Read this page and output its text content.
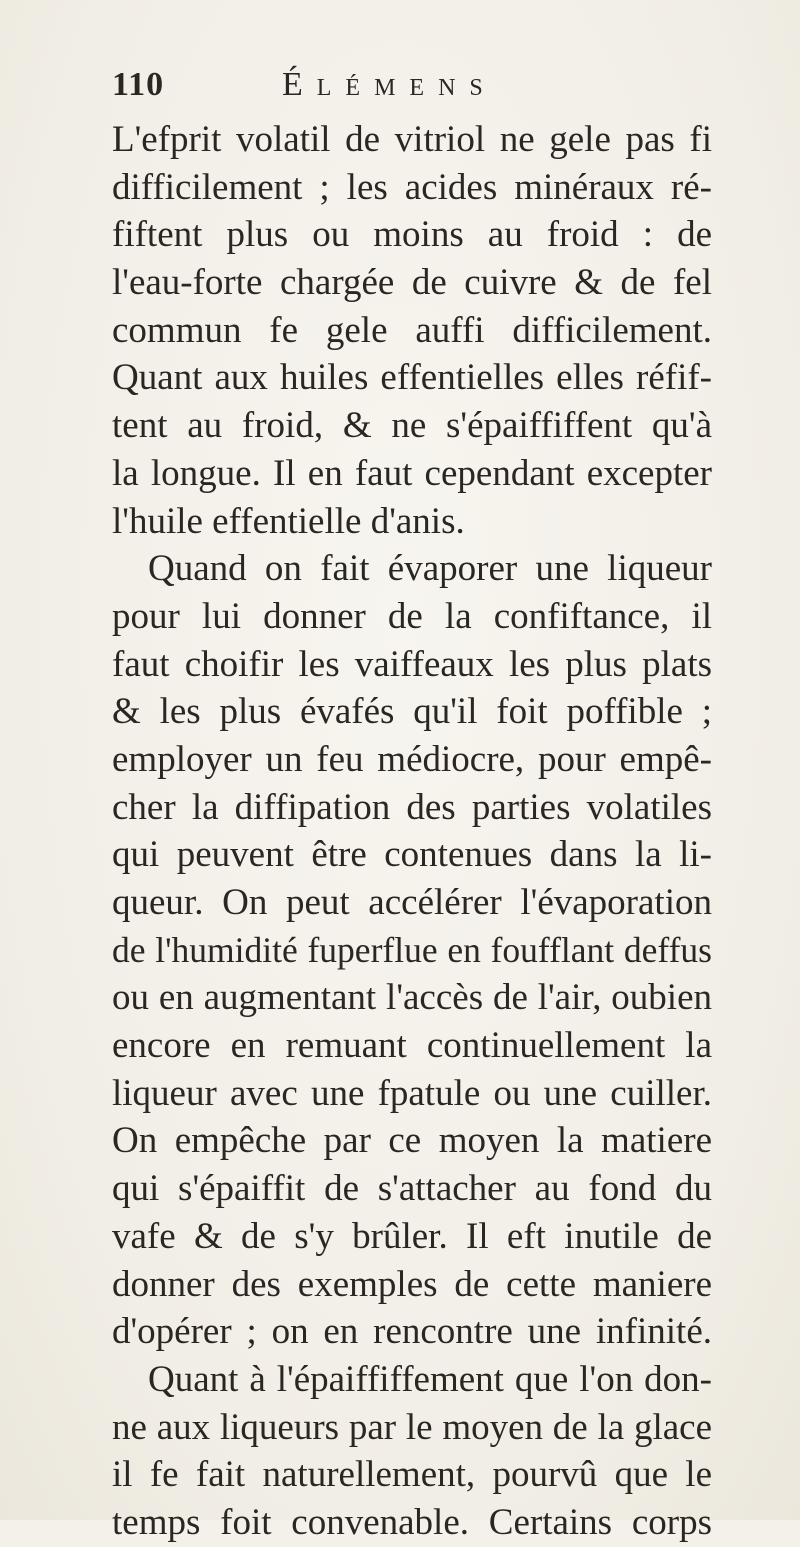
110	Élémens
L'efprit volatil de vitriol ne gele pas fi
difficilement ; les acides minéraux ré-
fiftent plus ou moins au froid : de
l'eau-forte chargée de cuivre & de fel
commun fe gele auffi difficilement.
Quant aux huiles effentielles elles réfif-
tent au froid, & ne s'épaiffiffent qu'à
la longue. Il en faut cependant excepter
l'huile effentielle d'anis.
Quand on fait évaporer une liqueur
pour lui donner de la confiftance, il
faut choifir les vaiffeaux les plus plats
& les plus évafés qu'il foit poffible ;
employer un feu médiocre, pour empê-
cher la diffipation des parties volatiles
qui peuvent être contenues dans la li-
queur. On peut accélérer l'évaporation
de l'humidité fuperflue en foufflant deffus
ou en augmentant l'accès de l'air, oubien
encore en remuant continuellement la
liqueur avec une fpatule ou une cuiller.
On empêche par ce moyen la matiere
qui s'épaiffit de s'attacher au fond du
vafe & de s'y brûler. Il eft inutile de
donner des exemples de cette maniere
d'opérer ; on en rencontre une infinité.
Quant à l'épaiffiffement que l'on don-
ne aux liqueurs par le moyen de la glace
il fe fait naturellement, pourvû que le
temps foit convenable. Certains corps
